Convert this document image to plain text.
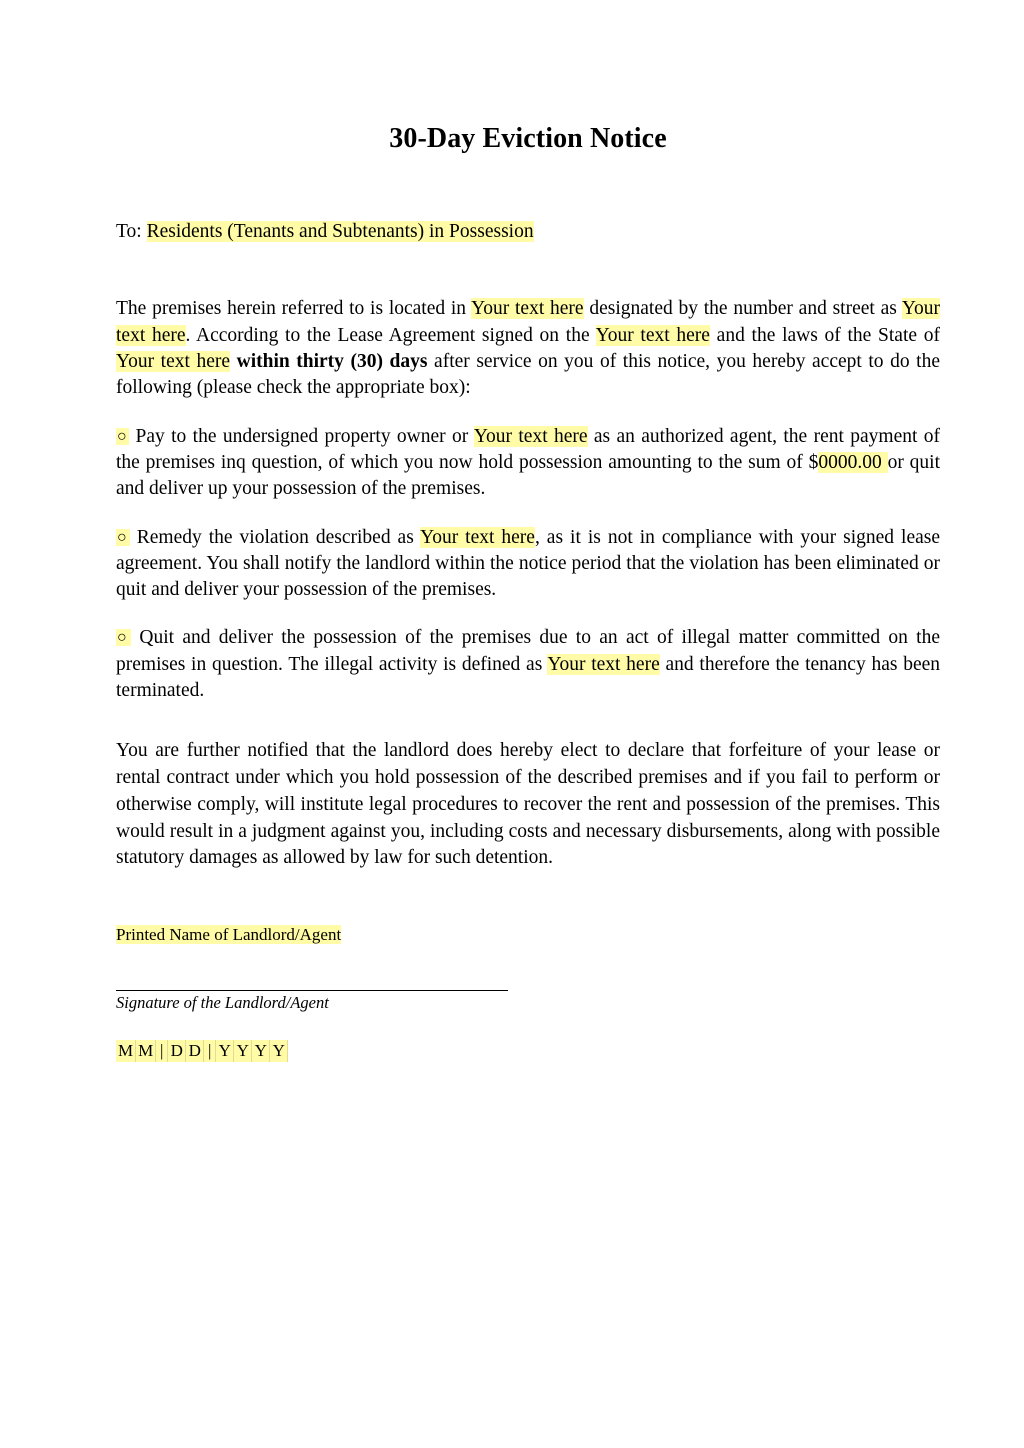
30-Day Eviction Notice
To: Residents (Tenants and Subtenants) in Possession

The premises herein referred to is located in Your text here designated by the number and street as Your text here. According to the Lease Agreement signed on the Your text here and the laws of the State of Your text here within thirty (30) days after service on you of this notice, you hereby accept to do the following (please check the appropriate box):

○ Pay to the undersigned property owner or Your text here as an authorized agent, the rent payment of the premises inq question, of which you now hold possession amounting to the sum of $0000.00 or quit and deliver up your possession of the premises.

○ Remedy the violation described as Your text here, as it is not in compliance with your signed lease agreement. You shall notify the landlord within the notice period that the violation has been eliminated or quit and deliver your possession of the premises.

○ Quit and deliver the possession of the premises due to an act of illegal matter committed on the premises in question. The illegal activity is defined as Your text here and therefore the tenancy has been terminated.

You are further notified that the landlord does hereby elect to declare that forfeiture of your lease or rental contract under which you hold possession of the described premises and if you fail to perform or otherwise comply, will institute legal procedures to recover the rent and possession of the premises. This would result in a judgment against you, including costs and necessary disbursements, along with possible statutory damages as allowed by law for such detention.

Printed Name of Landlord/Agent
Signature of the Landlord/Agent
M M | D D | Y Y Y Y
